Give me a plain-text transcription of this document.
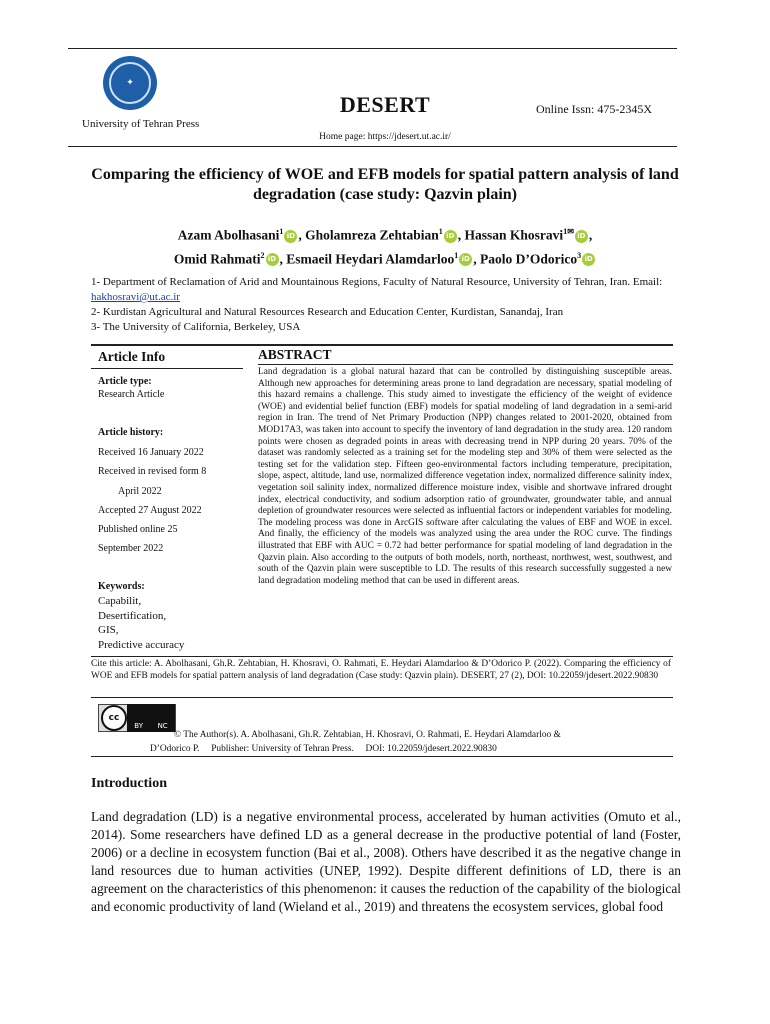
✦
DESERT	Online Issn: 475-2345X
University of Tehran Press
Home page: https://jdesert.ut.ac.ir/
Comparing the efficiency of WOE and EFB models for spatial pattern analysis of land degradation (case study: Qazvin plain)
Azam Abolhasani$^1$ iD , Gholamreza Zehtabian$^1$ iD , Hassan Khosravi$^{1✉}$ iD ,
Omid Rahmati$^2$ iD , Esmaeil Heydari Alamdarloo$^1$ iD , Paolo D’Odorico$^3$ iD
1- Department of Reclamation of Arid and Mountainous Regions, Faculty of Natural Resource, University of Tehran, Iran. Email: hakhosravi@ut.ac.ir
2- Kurdistan Agricultural and Natural Resources Research and Education Center, Kurdistan, Sanandaj, Iran
3- The University of California, Berkeley, USA
Article Info	ABSTRACT
Article type:
Research Article
Article history:
Received 16 January 2022
Received in revised form 8
April 2022
Accepted 27 August 2022
Published online 25
September 2022
Keywords:
Capabilit,
Desertification,
GIS,
Predictive accuracy
Land degradation is a global natural hazard that can be controlled by distinguishing susceptible areas. Although new approaches for determining areas prone to land degradation are necessary, spatial modeling of this hazard remains a challenge. This study aimed to investigate the efficiency of the weight of evidence (WOE) and evidential belief function (EBF) models for spatial modeling of land degradation in a semi-arid region in Iran. The trend of Net Primary Production (NPP) changes related to 2001-2020, obtained from MOD17A3, was taken into account to specify the inventory of land degradation in the study area. 120 random points were chosen as degraded points in areas with decreasing trend in NPP during 20 years. 70% of the dataset was randomly selected as a training set for the modeling step and 30% of them were selected as the testing set for the validation step. Fifteen geo-environmental factors including temperature, precipitation, slope, aspect, altitude, land use, normalized difference vegetation index, normalized difference salinity index, vegetation soil salinity index, normalized difference moisture index, visible and shortwave infrared drought index, electrical conductivity, and sodium adsorption ratio of groundwater, groundwater table, and annual depletion of groundwater resources were selected as influential factors or independent variables for modeling. The modeling process was done in ArcGIS software after calculating the values of EBF and WOE in excel. And finally, the efficiency of the models was analyzed using the area under the ROC curve. The findings illustrated that EBF with AUC = 0.72 had better performance for spatial modeling of land degradation in the Qazvin plain. Also according to the outputs of both models, north, northeast, northwest, west, southwest, and south of the Qazvin plain were susceptible to LD. The results of this research successfully suggested a new land degradation modeling method that can be used in different areas.
Cite this article: A. Abolhasani, Gh.R. Zehtabian, H. Khosravi, O. Rahmati, E. Heydari Alamdarloo & D’Odorico P. (2022). Comparing the efficiency of WOE and EFB models for spatial pattern analysis of land degradation (Case study: Qazvin plain). DESERT, 27 (2), DOI: 10.22059/jdesert.2022.90830
cc
BY NC
© The Author(s). A. Abolhasani, Gh.R. Zehtabian, H. Khosravi, O. Rahmati, E. Heydari Alamdarloo &
D’Odorico P.     Publisher: University of Tehran Press.     DOI: 10.22059/jdesert.2022.90830
Introduction
Land degradation (LD) is a negative environmental process, accelerated by human activities (Omuto et al., 2014). Some researchers have defined LD as a general decrease in the productive potential of land (Foster, 2006) or a decline in ecosystem function (Bai et al., 2008). Others have described it as the negative change in land resources due to human activities (UNEP, 1992). Despite different definitions of LD, there is an agreement on the characteristics of this phenomenon: it causes the reduction of the capability of the biological and economic productivity of land (Wieland et al., 2019) and threatens the ecosystem services, global food
